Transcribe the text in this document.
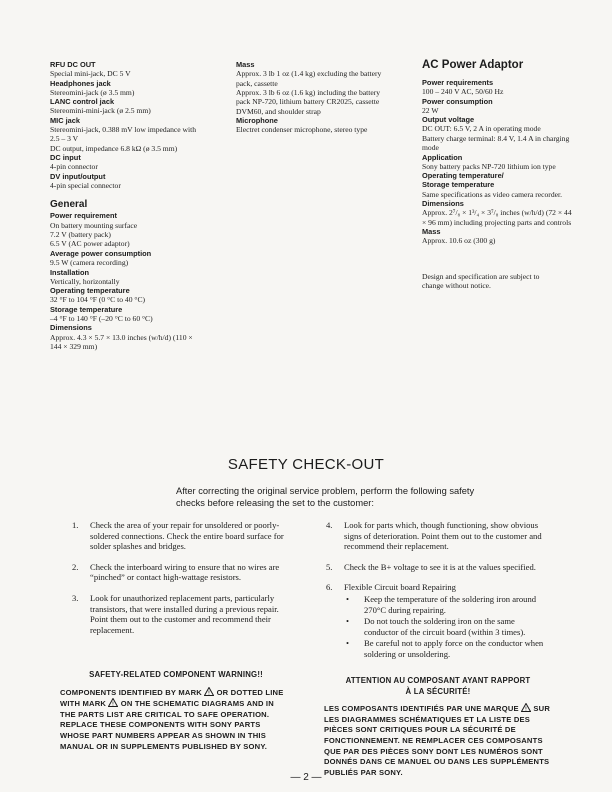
RFU DC OUT

Special mini-jack, DC 5 V

Headphones jack

Stereomini-jack (ø 3.5 mm)

LANC control jack

Stereomini-mini-jack (ø 2.5 mm)

MIC jack

Stereomini-jack, 0.388 mV low impedance with 2.5 – 3 V

DC output, impedance 6.8 kΩ (ø 3.5 mm)

DC input

4-pin connector

DV input/output

4-pin special connector

General
Power requirement

On battery mounting surface

7.2 V (battery pack)

6.5 V (AC power adaptor)

Average power consumption

9.5 W (camera recording)

Installation

Vertically, horizontally

Operating temperature

32 °F to 104 °F (0 °C to 40 °C)

Storage temperature

–4 °F to 140 °F (–20 °C to 60 °C)

Dimensions

Approx. 4.3 × 5.7 × 13.0 inches (w/h/d) (110 × 144 × 329 mm)

Mass

Approx. 3 lb 1 oz (1.4 kg) excluding the battery pack, cassette

Approx. 3 lb 6 oz (1.6 kg) including the battery pack NP-720, lithium battery CR2025, cassette DVM60, and shoulder strap

Microphone

Electret condenser microphone, stereo type

AC Power Adaptor
Power requirements

100 – 240 V AC, 50/60 Hz

Power consumption

22 W

Output voltage

DC OUT: 6.5 V, 2 A in operating mode

Battery charge terminal: 8.4 V, 1.4 A in charging mode

Application

Sony battery packs NP-720 lithium ion type

Operating temperature/
Storage temperature

Same specifications as video camera recorder.

Dimensions

Approx. 2⁷/₈ × 1³/₄ × 3⁷/₈ inches (w/h/d) (72 × 44 × 96 mm) including projecting parts and controls

Mass

Approx. 10.6 oz (300 g)

Design and specification are subject to change without notice.

SAFETY CHECK-OUT
After correcting the original service problem, perform the following safety checks before releasing the set to the customer:
1. Check the area of your repair for unsoldered or poorly-soldered connections. Check the entire board surface for solder splashes and bridges.
2. Check the interboard wiring to ensure that no wires are “pinched” or contact high-wattage resistors.
3. Look for unauthorized replacement parts, particularly transistors, that were installed during a previous repair. Point them out to the customer and recommend their replacement.
4. Look for parts which, though functioning, show obvious signs of deterioration. Point them out to the customer and recommend their replacement.
5. Check the B+ voltage to see it is at the values specified.
6. Flexible Circuit board Repairing
• Keep the temperature of the soldering iron around 270°C during repairing.
• Do not touch the soldering iron on the same conductor of the circuit board (within 3 times).
• Be careful not to apply force on the conductor when soldering or unsoldering.
SAFETY-RELATED COMPONENT WARNING!!
COMPONENTS IDENTIFIED BY MARK ! OR DOTTED LINE WITH MARK ! ON THE SCHEMATIC DIAGRAMS AND IN THE PARTS LIST ARE CRITICAL TO SAFE OPERATION. REPLACE THESE COMPONENTS WITH SONY PARTS WHOSE PART NUMBERS APPEAR AS SHOWN IN THIS MANUAL OR IN SUPPLEMENTS PUBLISHED BY SONY.
ATTENTION AU COMPOSANT AYANT RAPPORT
À LA SÉCURITÉ!
LES COMPOSANTS IDENTIFIÉS PAR UNE MARQUE ! SUR LES DIAGRAMMES SCHÉMATIQUES ET LA LISTE DES PIÈCES SONT CRITIQUES POUR LA SÉCURITÉ DE FONCTIONNEMENT. NE REMPLACER CES COMPOSANTS QUE PAR DES PIÈCES SONY DONT LES NUMÉROS SONT DONNÉS DANS CE MANUEL OU DANS LES SUPPLÉMENTS PUBLIÉS PAR SONY.
— 2 —
